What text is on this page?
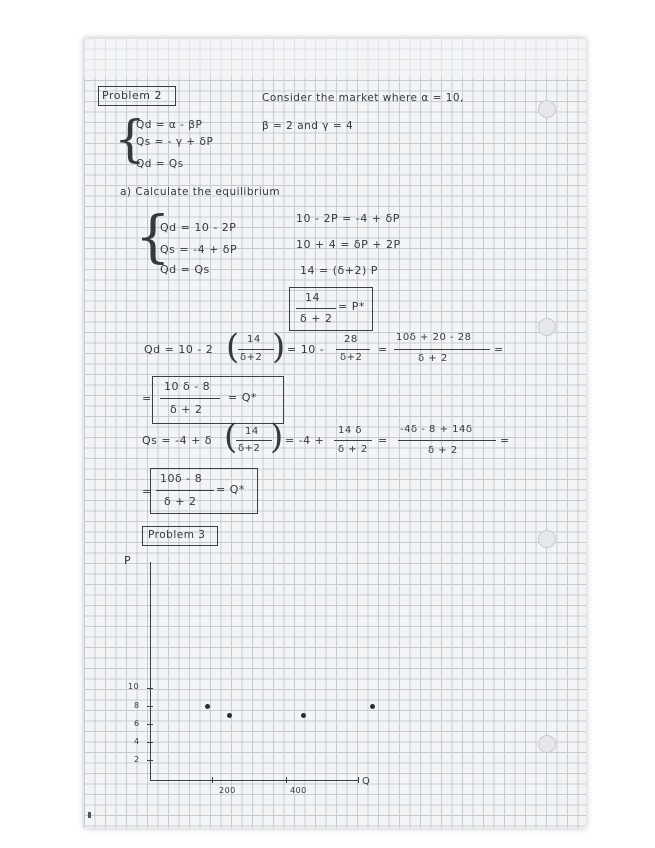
Problem 2	Consider the market where α = 10,
β = 2 and γ = 4
{
Qd = α - βP
Qs = - γ + δP
Qd = Qs
a) Calculate the equilibrium
{
Qd = 10 - 2P
Qs = -4 + δP
Qd = Qs
10 - 2P = -4 + δP
10 + 4 = δP + 2P
14 = (δ+2) P
14
δ + 2
= P*
Qd = 10 - 2 ( 14
δ+2 ) = 10 -
28
δ+2
=
10δ + 20 - 28
δ + 2
=
=
10 δ - 8
δ + 2
= Q*
Qs = -4 + δ ( 14
δ+2 ) = -4 +
14 δ
δ + 2
=
-4δ - 8 + 14δ
δ + 2
=
=
10δ - 8
δ + 2
= Q*
Problem 3
P
Q
10
8
6
4
2
200	400
